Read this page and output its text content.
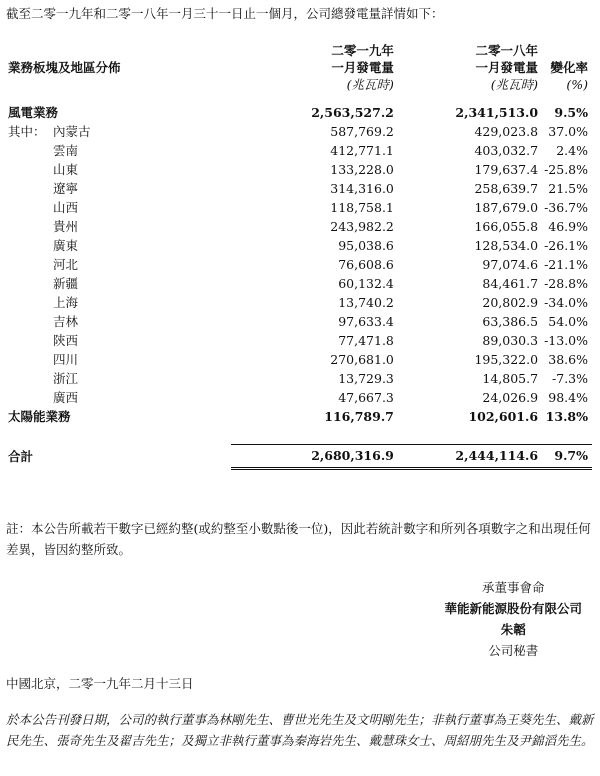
截至二零一九年和二零一八年一月三十一日止一個月，公司總發電量詳情如下：
	二零一九年	二零一八年	
業務板塊及地區分佈	一月發電量	一月發電量	變化率
	(兆瓦時)	(兆瓦時)	(%)

風電業務	2,563,527.2	2,341,513.0	9.5%
其中： 內蒙古	587,769.2	429,023.8	37.0%
雲南	412,771.1	403,032.7	2.4%
山東	133,228.0	179,637.4	-25.8%
遼寧	314,316.0	258,639.7	21.5%
山西	118,758.1	187,679.0	-36.7%
貴州	243,982.2	166,055.8	46.9%
廣東	95,038.6	128,534.0	-26.1%
河北	76,608.6	97,074.6	-21.1%
新疆	60,132.4	84,461.7	-28.8%
上海	13,740.2	20,802.9	-34.0%
吉林	97,633.4	63,386.5	54.0%
陝西	77,471.8	89,030.3	-13.0%
四川	270,681.0	195,322.0	38.6%
浙江	13,729.3	14,805.7	-7.3%
廣西	47,667.3	24,026.9	98.4%
太陽能業務	116,789.7	102,601.6	13.8%

合計	2,680,316.9	2,444,114.6	9.7%
註：本公告所載若干數字已經約整(或約整至小數點後一位)，因此若統計數字和所列各項數字之和出現任何差異，皆因約整所致。
承董事會命
華能新能源股份有限公司
朱韜
公司秘書
中國北京，二零一九年二月十三日
於本公告刊發日期，公司的執行董事為林剛先生、曹世光先生及文明剛先生；非執行董事為王葵先生、戴新民先生、張奇先生及翟吉先生；及獨立非執行董事為秦海岩先生、戴慧珠女士、周紹朋先生及尹錦滔先生。
